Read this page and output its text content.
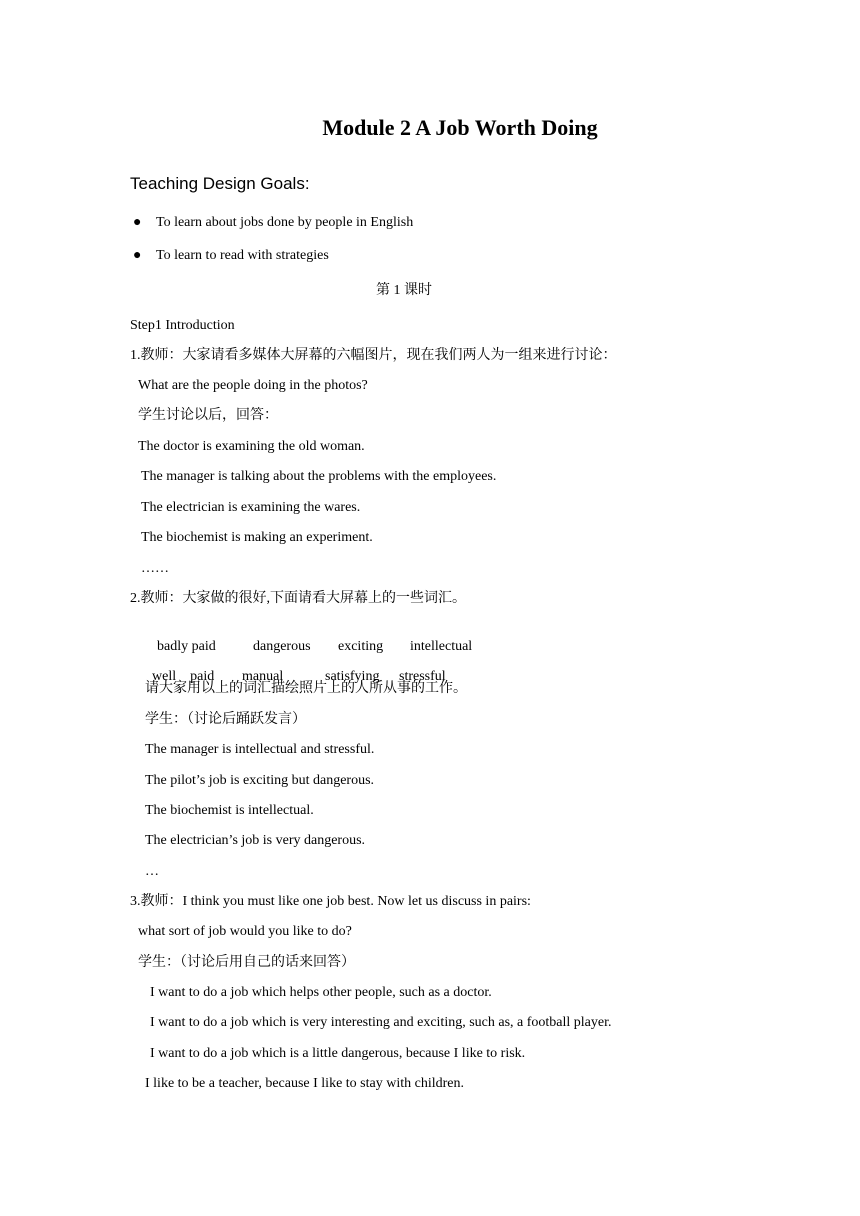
Module 2 A Job Worth Doing
Teaching Design Goals:
● To learn about jobs done by people in English
● To learn to read with strategies
第 1 课时
Step1 Introduction
1.教师：大家请看多媒体大屏幕的六幅图片，现在我们两人为一组来进行讨论：
What are the people doing in the photos?
学生讨论以后，回答：
The doctor is examining the old woman.
The manager is talking about the problems with the employees.
The electrician is examining the wares.
The biochemist is making an experiment.
……
2.教师：大家做的很好,下面请看大屏幕上的一些词汇。

badly paid	dangerous exciting intellectual

well    paid manual	satisfying stressful

请大家用以上的词汇描绘照片上的人所从事的工作。
学生：（讨论后踊跃发言）
The manager is intellectual and stressful.
The pilot’s job is exciting but dangerous.
The biochemist is intellectual.
The electrician’s job is very dangerous.
…
3.教师：I think you must like one job best. Now let us discuss in pairs:
what sort of job would you like to do?
学生：（讨论后用自己的话来回答）
I want to do a job which helps other people, such as a doctor.
I want to do a job which is very interesting and exciting, such as, a football player.
I want to do a job which is a little dangerous, because I like to risk.
I like to be a teacher, because I like to stay with children.
